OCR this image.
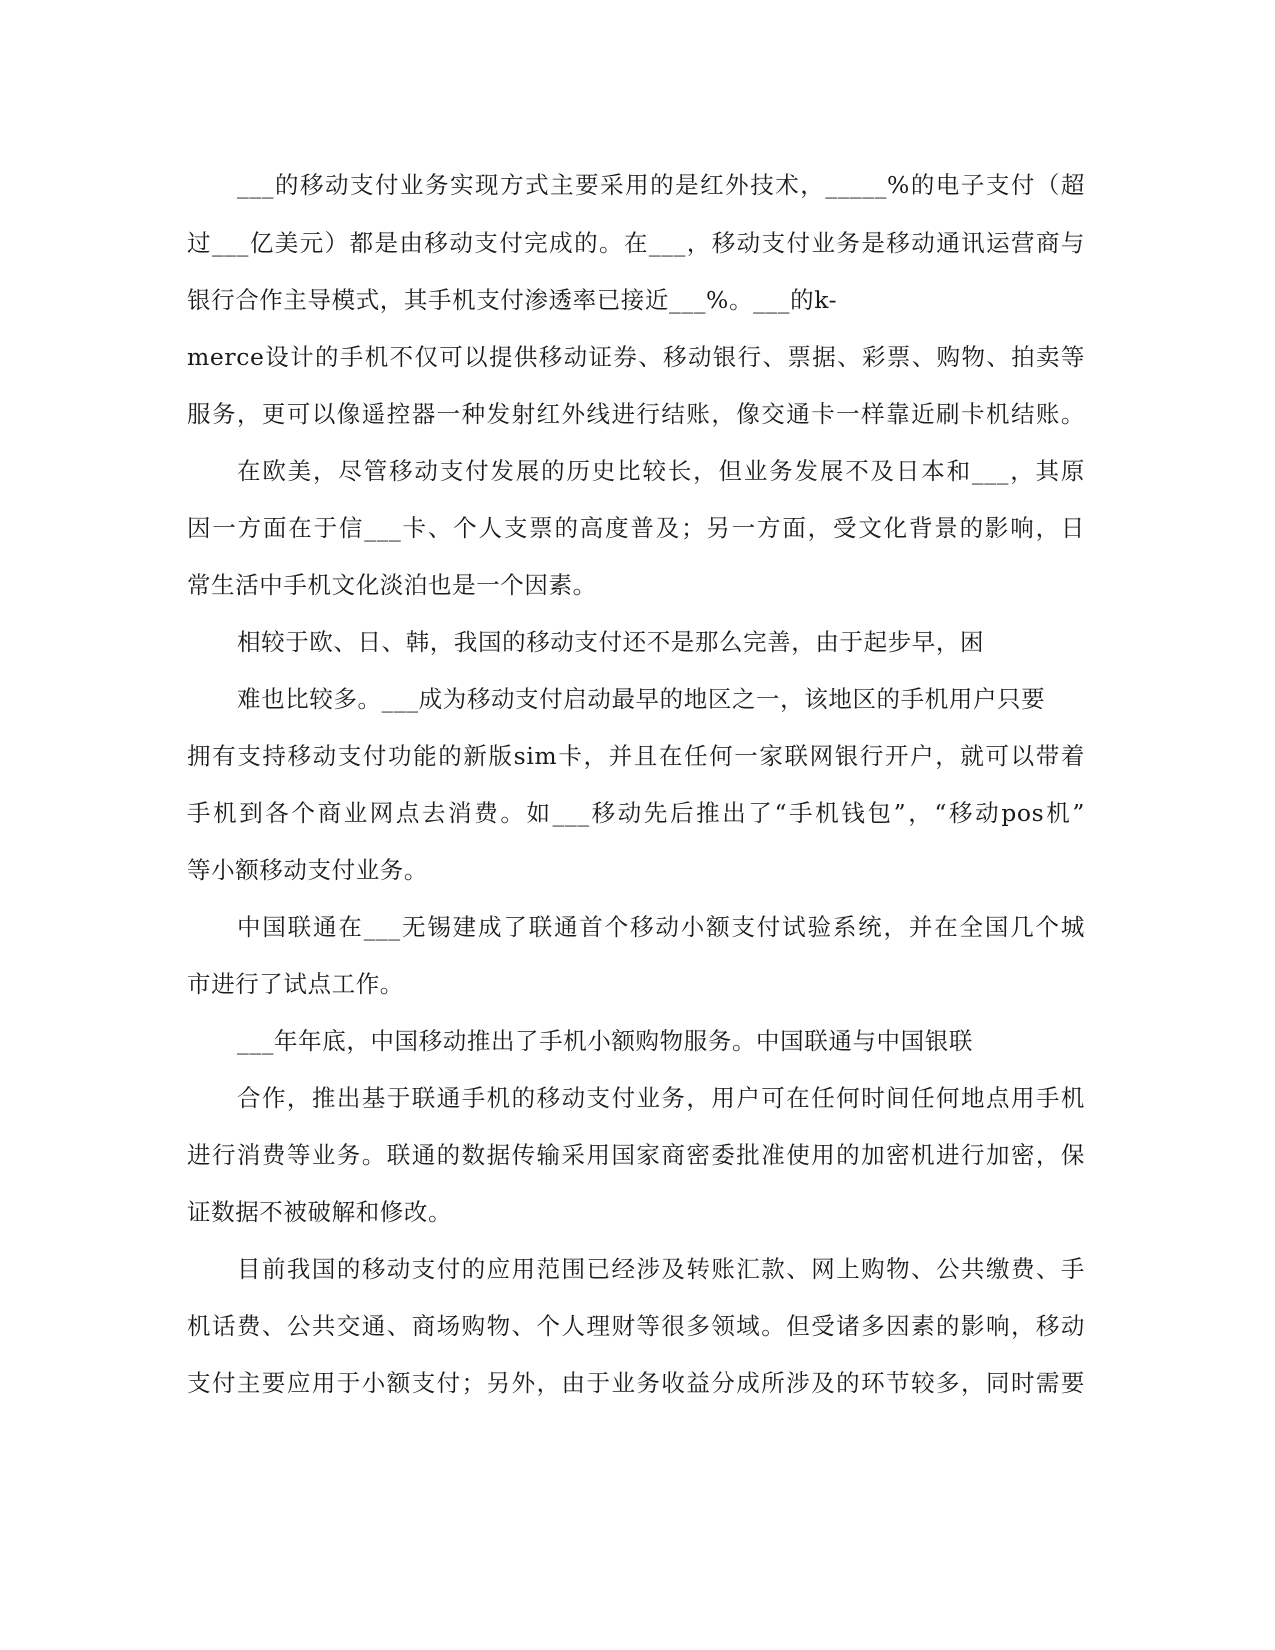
___的移动支付业务实现方式主要采用的是红外技术，_____%的电子支付（超
过___亿美元）都是由移动支付完成的。在___，移动支付业务是移动通讯运营商与
银行合作主导模式，其手机支付渗透率已接近___%。___的k-
merce设计的手机不仅可以提供移动证券、移动银行、票据、彩票、购物、拍卖等
服务，更可以像遥控器一种发射红外线进行结账，像交通卡一样靠近刷卡机结账。
在欧美，尽管移动支付发展的历史比较长，但业务发展不及日本和___，其原
因一方面在于信___卡、个人支票的高度普及；另一方面，受文化背景的影响，日
常生活中手机文化淡泊也是一个因素。
相较于欧、日、韩，我国的移动支付还不是那么完善，由于起步早，困
难也比较多。___成为移动支付启动最早的地区之一，该地区的手机用户只要
拥有支持移动支付功能的新版sim卡，并且在任何一家联网银行开户，就可以带着
手机到各个商业网点去消费。如___移动先后推出了“手机钱包”，“移动pos机”
等小额移动支付业务。
中国联通在___无锡建成了联通首个移动小额支付试验系统，并在全国几个城
市进行了试点工作。
___年年底，中国移动推出了手机小额购物服务。中国联通与中国银联
合作，推出基于联通手机的移动支付业务，用户可在任何时间任何地点用手机
进行消费等业务。联通的数据传输采用国家商密委批准使用的加密机进行加密，保
证数据不被破解和修改。
目前我国的移动支付的应用范围已经涉及转账汇款、网上购物、公共缴费、手
机话费、公共交通、商场购物、个人理财等很多领域。但受诸多因素的影响，移动
支付主要应用于小额支付；另外，由于业务收益分成所涉及的环节较多，同时需要
